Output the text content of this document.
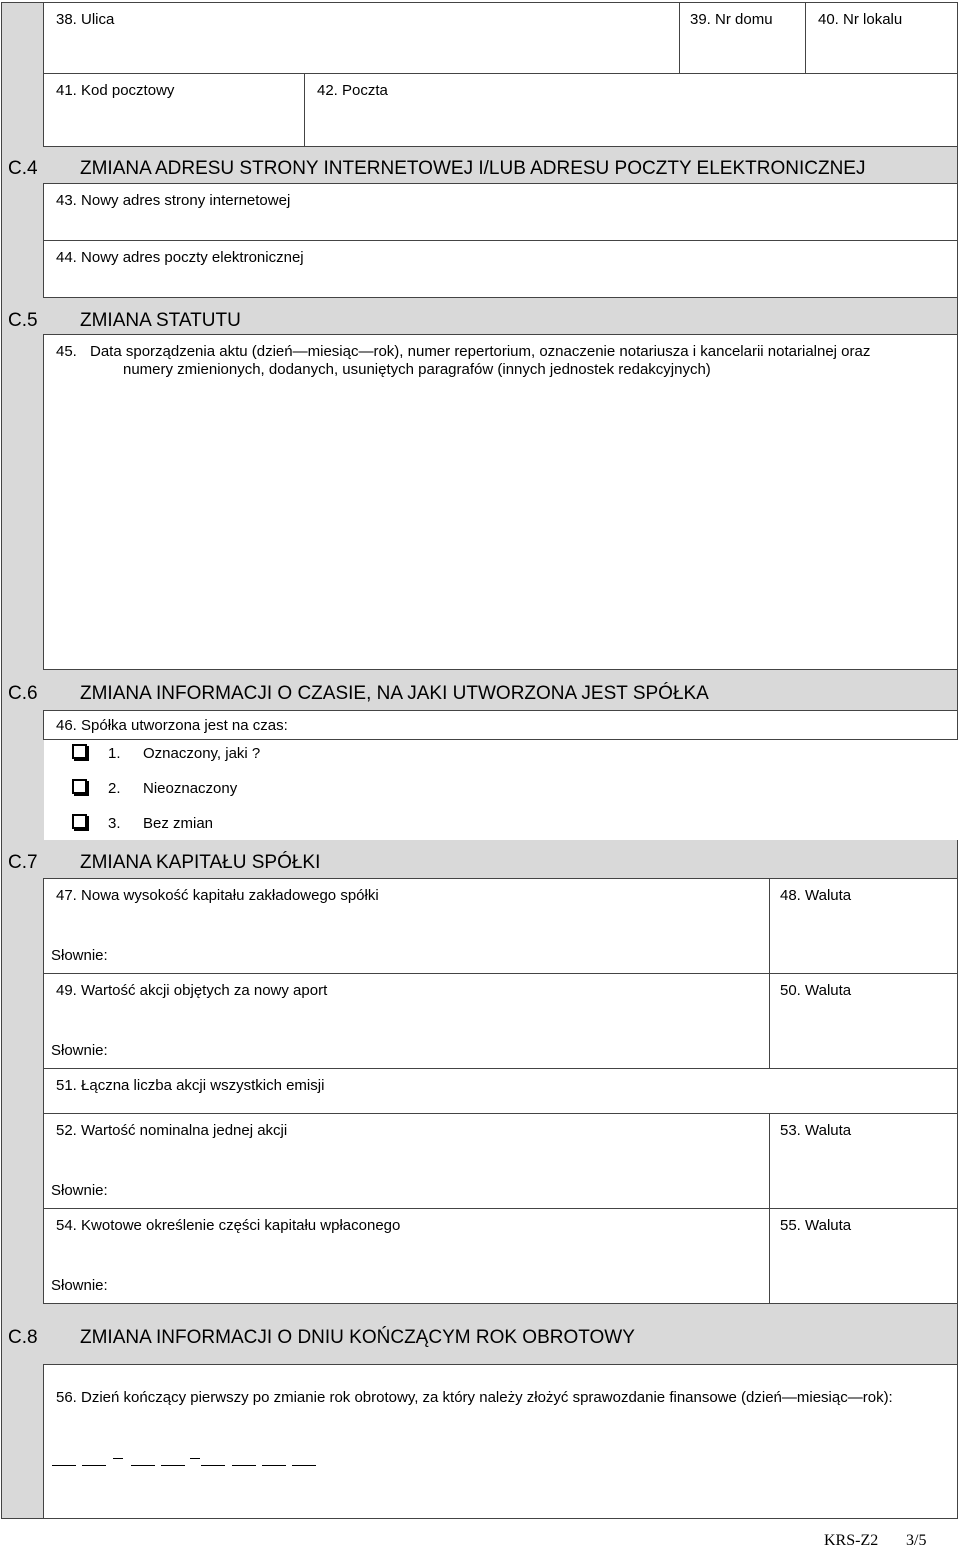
38. Ulica	39. Nr domu	40. Nr lokalu
41. Kod pocztowy	42. Poczta
C.4 ZMIANA ADRESU STRONY INTERNETOWEJ I/LUB ADRESU POCZTY ELEKTRONICZNEJ
43. Nowy adres strony internetowej
44. Nowy adres poczty elektronicznej
C.5 ZMIANA STATUTU
45. Data sporządzenia aktu (dzień—miesiąc—rok), numer repertorium, oznaczenie notariusza i kancelarii notarialnej oraz
numery zmienionych, dodanych, usuniętych paragrafów (innych jednostek redakcyjnych)
C.6 ZMIANA INFORMACJI O CZASIE, NA JAKI UTWORZONA JEST SPÓŁKA
46. Spółka utworzona jest na czas:
1. Oznaczony, jaki ?
2. Nieoznaczony
3. Bez zmian
C.7 ZMIANA KAPITAŁU SPÓŁKI
47. Nowa wysokość kapitału zakładowego spółki
Słownie:
48. Waluta
49. Wartość akcji objętych za nowy aport
Słownie:
50. Waluta
51. Łączna liczba akcji wszystkich emisji
52. Wartość nominalna jednej akcji
Słownie:
53. Waluta
54. Kwotowe określenie części kapitału wpłaconego
Słownie:
55. Waluta
C.8 ZMIANA INFORMACJI O DNIU KOŃCZĄCYM ROK OBROTOWY
56. Dzień kończący pierwszy po zmianie rok obrotowy, za który należy złożyć sprawozdanie finansowe (dzień—miesiąc—rok):
KRS-Z2 3/5
